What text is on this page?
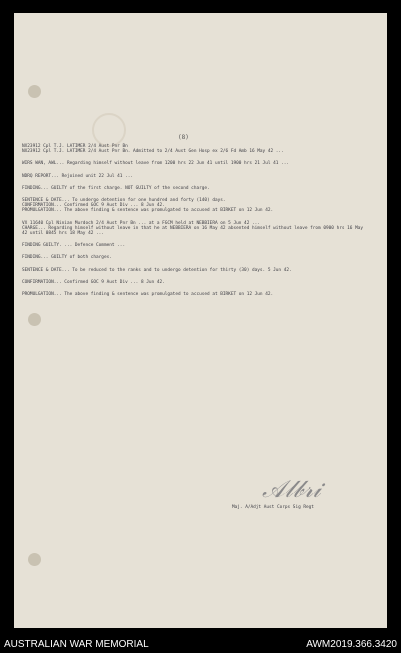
(8)

NX23912 Cpl T.J. LATIMER 2/4 Aust Pnr Bn

NX23912 Cpl T.J. LATIMER 2/4 Aust Pnr Bn. Admitted to 2/4 Aust Gen Hosp ex 2/6 Fd Amb 16 May 42 ...

WIRS WAN, AWL... Regarding himself without leave from 1200 hrs 22 Jun 41 until 1900 hrs 21 Jul 41 ...

NDRQ REPORT... Rejoined unit 22 Jul 41 ...

FINDING... GUILTY of the first charge. NOT GUILTY of the second charge.

SENTENCE & DATE... To undergo detention for one hundred and forty (140) days.

CONFIRMATION... Confirmed GOC 9 Aust Div ... 8 Jun 42.

PROMULGATION... The above finding & sentence was promulgated to accused at BIRKET on 12 Jun 42.

VX 11640 Cpl Ninian Murdoch 2/4 Aust Pnr Bn ... at a FGCM held at NEBBIERA on 5 Jun 42 ...

CHARGE... Regarding himself without leave in that he at NEBBIERA on 16 May 42 absented himself without leave from 0900 hrs 16 May 42 until 0845 hrs 18 May 42 ...

FINDING GUILTY. ... Defence Comment ...

FINDING... GUILTY of both charges.

SENTENCE & DATE... To be reduced to the ranks and to undergo detention for thirty (30) days. 5 Jun 42.

CONFIRMATION... Confirmed GOC 9 Aust Div ... 8 Jun 42.

PROMULGATION... The above finding & sentence was promulgated to accused at BIRKET on 12 Jun 42.

𝒜𝓁𝒷𝓇𝒾
Maj. A/Adjt Aust Corps Sig Regt
AUSTRALIAN WAR MEMORIAL	AWM2019.366.3420
